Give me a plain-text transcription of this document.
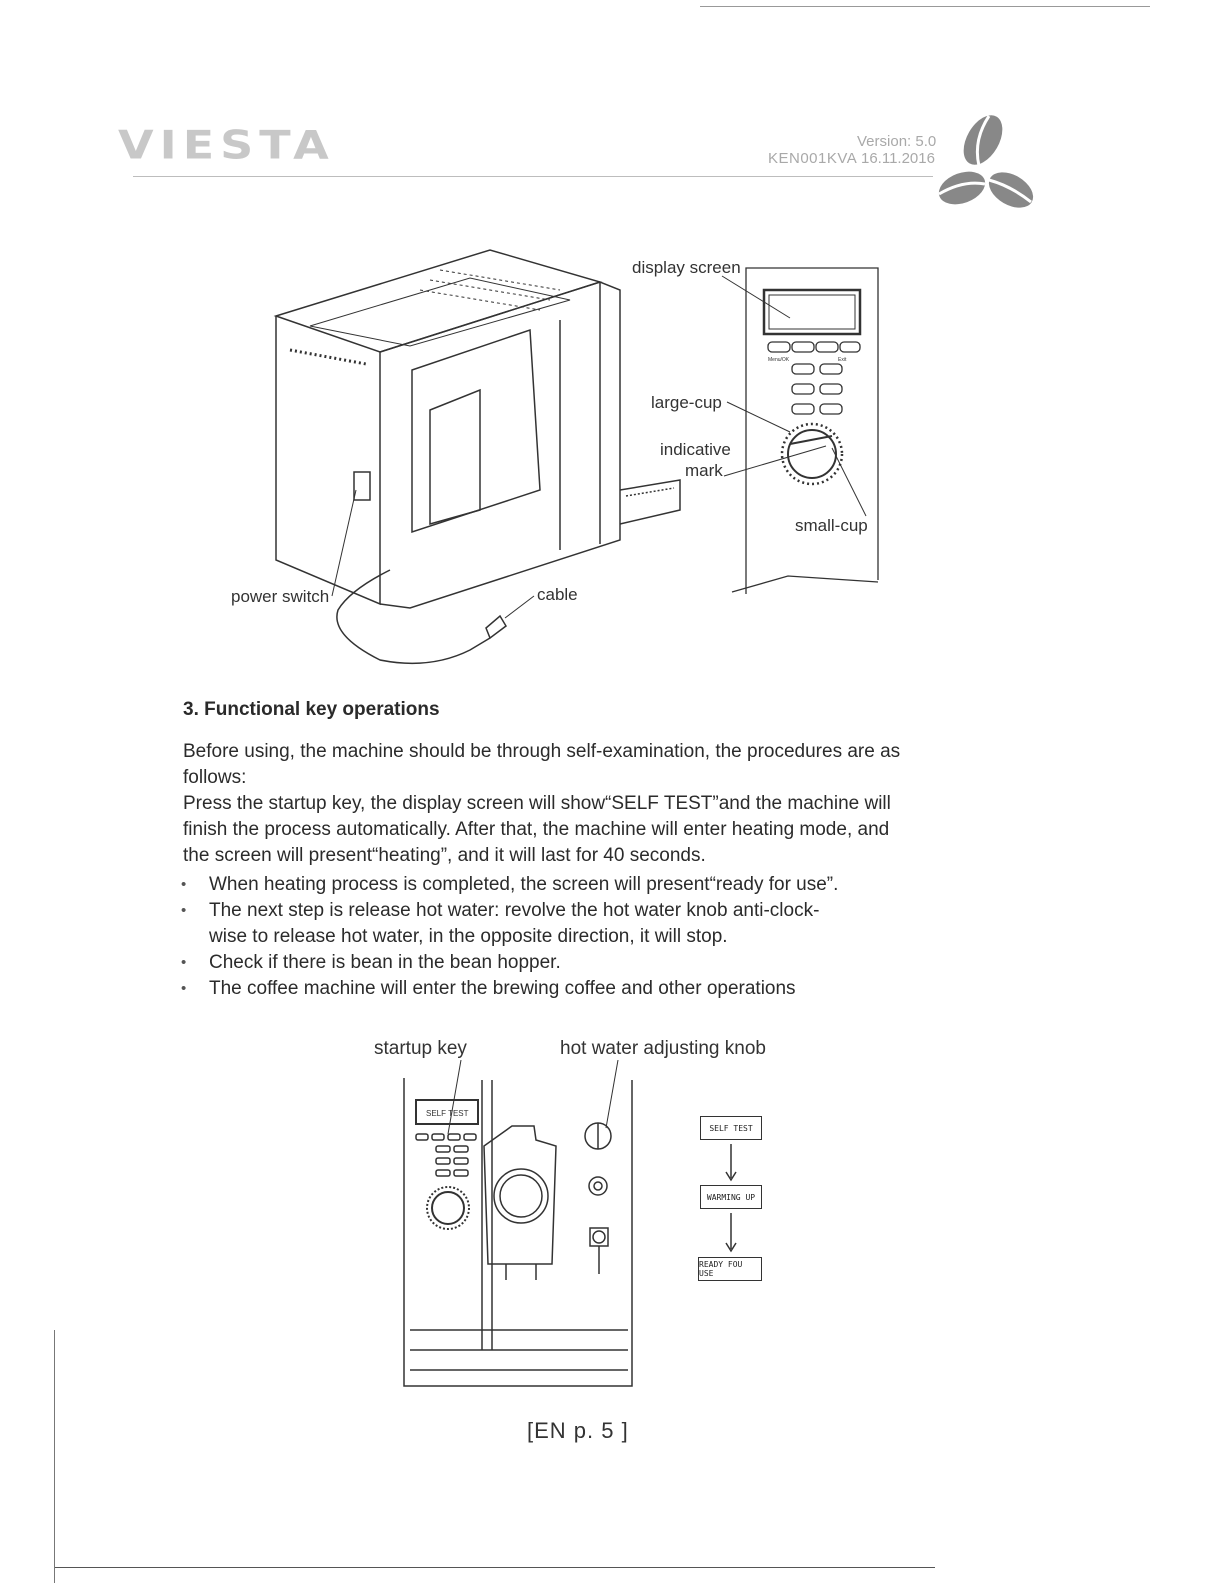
VIESTA	Version: 5.0
KEN001KVA 16.11.2016
display screen
large-cup
indicative
mark
small-cup
power switch	cable
Menu/OK	Exit
3. Functional key operations
Before using, the machine should be through self-examination, the procedures are as
follows:
Press the startup key, the display screen will show“SELF TEST”and the machine will
finish the process automatically. After that, the machine will enter heating mode, and
the screen will present“heating”, and it will last for 40 seconds.
• When heating process is completed, the screen will present“ready for use”.
• The next step is release hot water: revolve the hot water knob anti-clock-
wise to release hot water, in the opposite direction, it will stop.
• Check if there is bean in the bean hopper.
• The coffee machine will enter the brewing coffee and other operations
startup key	hot water adjusting knob
SELF TEST
SELF TEST
WARMING UP
READY FOU USE
[EN p. 5 ]
